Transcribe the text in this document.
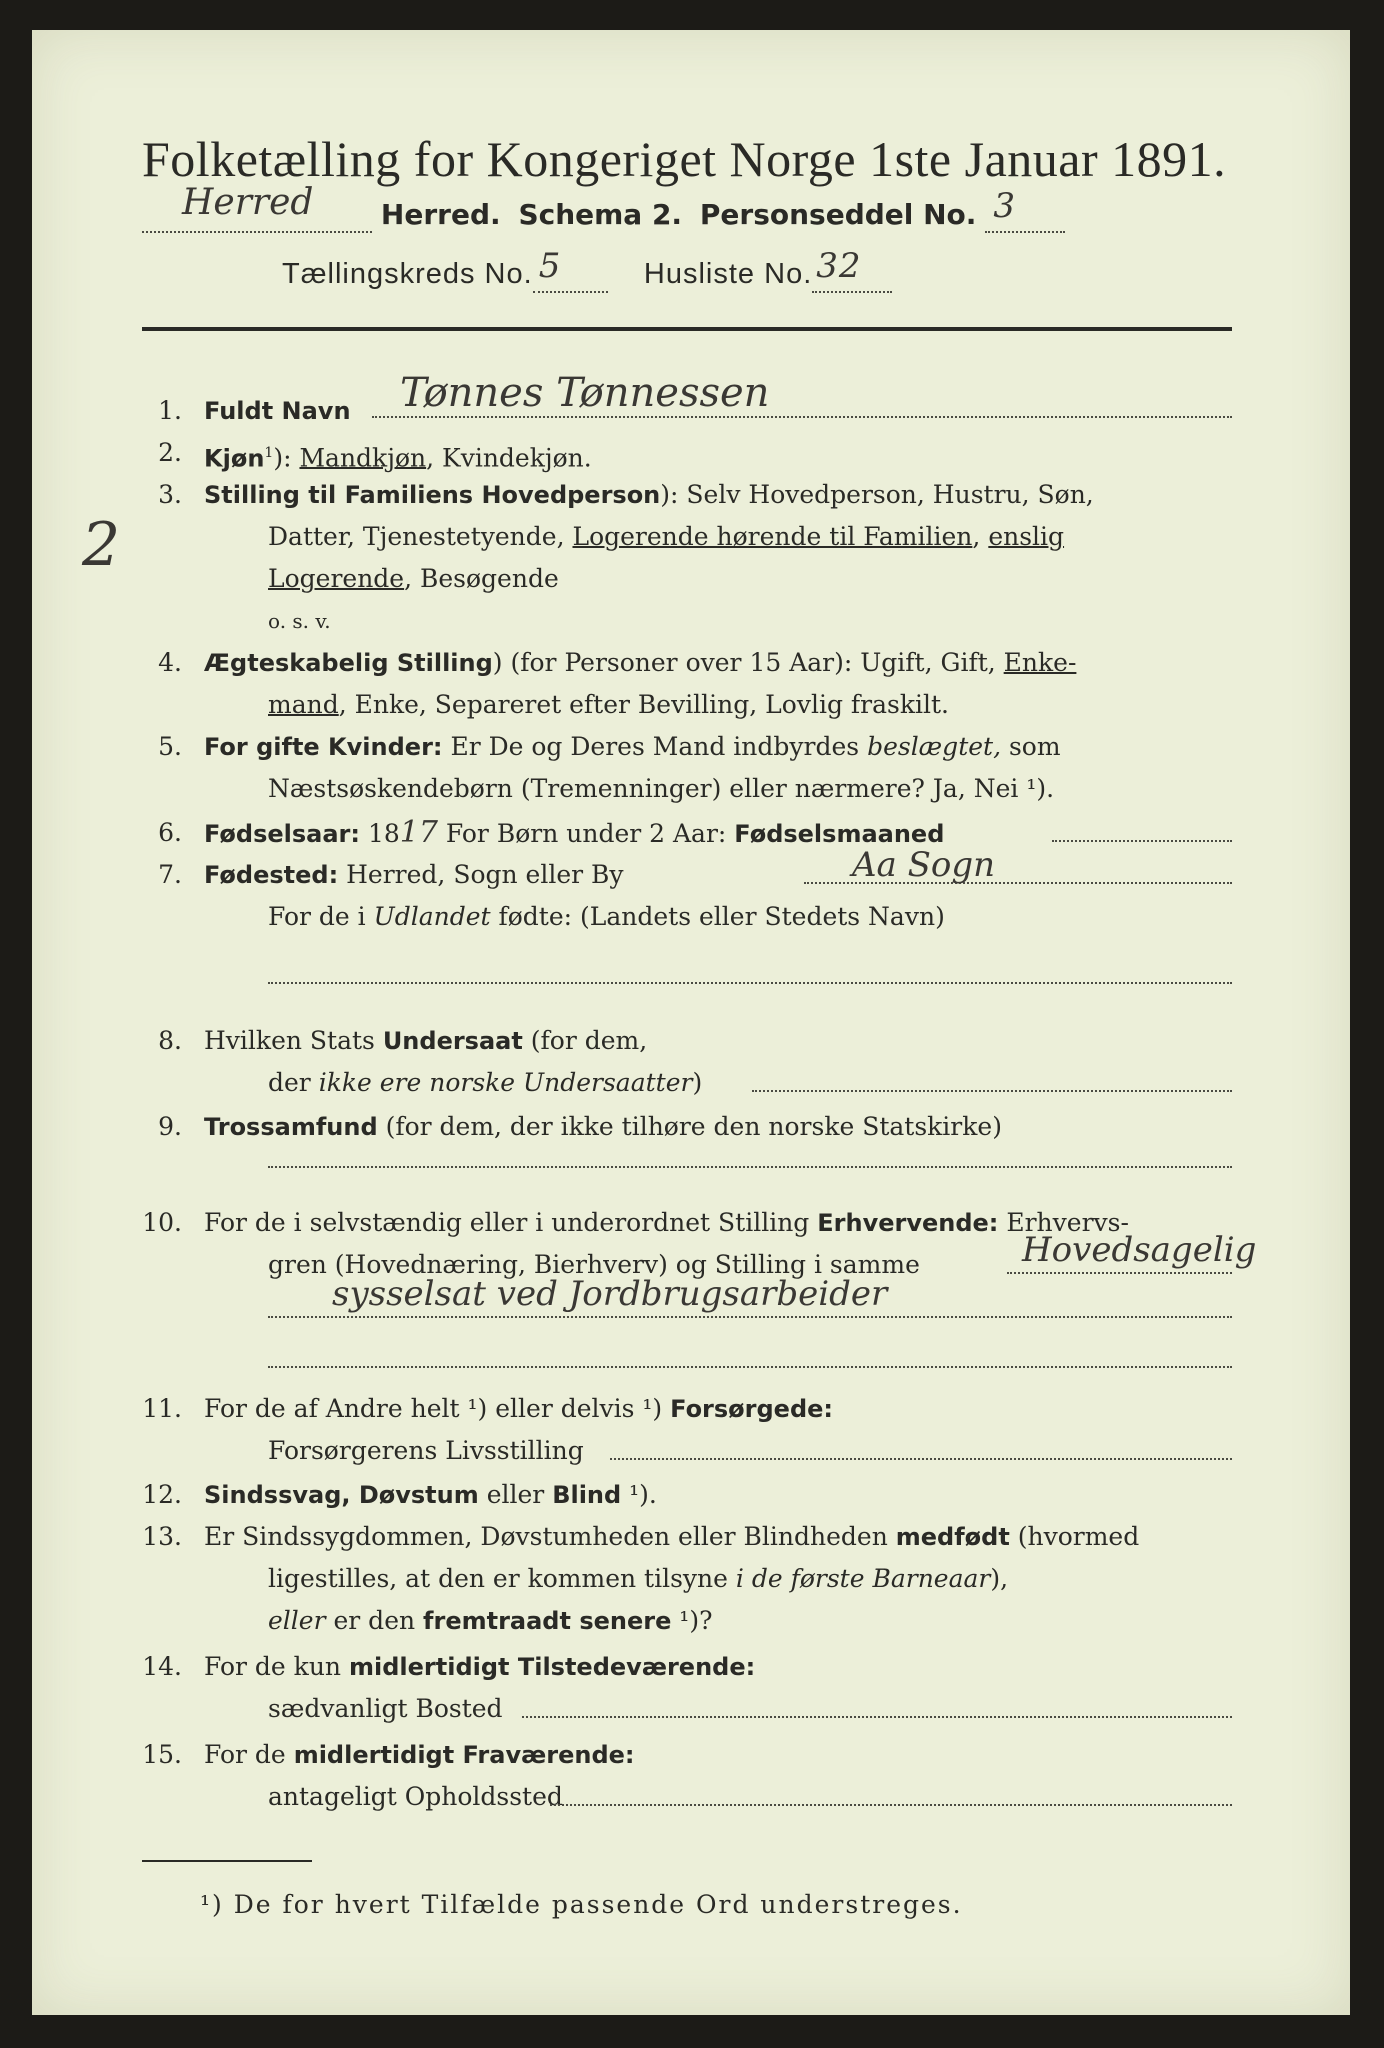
Folketælling for Kongeriget Norge 1ste Januar 1891.
Herred Herred. Schema 2. Personseddel No. 3

Tællingskreds No. 5	Husliste No. 32

1. Fuldt Navn Tønnes Tønnessen
2. Kjøn$^1$): Mandkjøn, Kvindekjøn.
3. Stilling til Familiens Hovedperson): Selv Hovedperson, Hustru, Søn,
Datter, Tjenestetyende, Logerende hørende til Familien, enslig
Logerende, Besøgende
o. s. v.
2
4. Ægteskabelig Stilling) (for Personer over 15 Aar): Ugift, Gift, Enke-
mand, Enke, Separeret efter Bevilling, Lovlig fraskilt.
5. For gifte Kvinder: Er De og Deres Mand indbyrdes beslægtet, som
Næstsøskendebørn (Tremenninger) eller nærmere? Ja, Nei ¹).
6. Fødselsaar: 1817 For Børn under 2 Aar: Fødselsmaaned
7. Fødested: Herred, Sogn eller By	Aa Sogn
For de i Udlandet fødte: (Landets eller Stedets Navn)
8. Hvilken Stats Undersaat (for dem,
der ikke ere norske Undersaatter)
9. Trossamfund (for dem, der ikke tilhøre den norske Statskirke)
10. For de i selvstændig eller i underordnet Stilling Erhvervende: Erhvervs-
gren (Hovednæring, Bierhverv) og Stilling i samme	Hovedsagelig
sysselsat ved Jordbrugsarbeider
11. For de af Andre helt ¹) eller delvis ¹) Forsørgede:
Forsørgerens Livsstilling
12. Sindssvag, Døvstum eller Blind ¹).
13. Er Sindssygdommen, Døvstumheden eller Blindheden medfødt (hvormed
ligestilles, at den er kommen tilsyne i de første Barneaar),
eller er den fremtraadt senere ¹)?
14. For de kun midlertidigt Tilstedeværende:
sædvanligt Bosted
15. For de midlertidigt Fraværende:
antageligt Opholdssted
¹) De for hvert Tilfælde passende Ord understreges.
